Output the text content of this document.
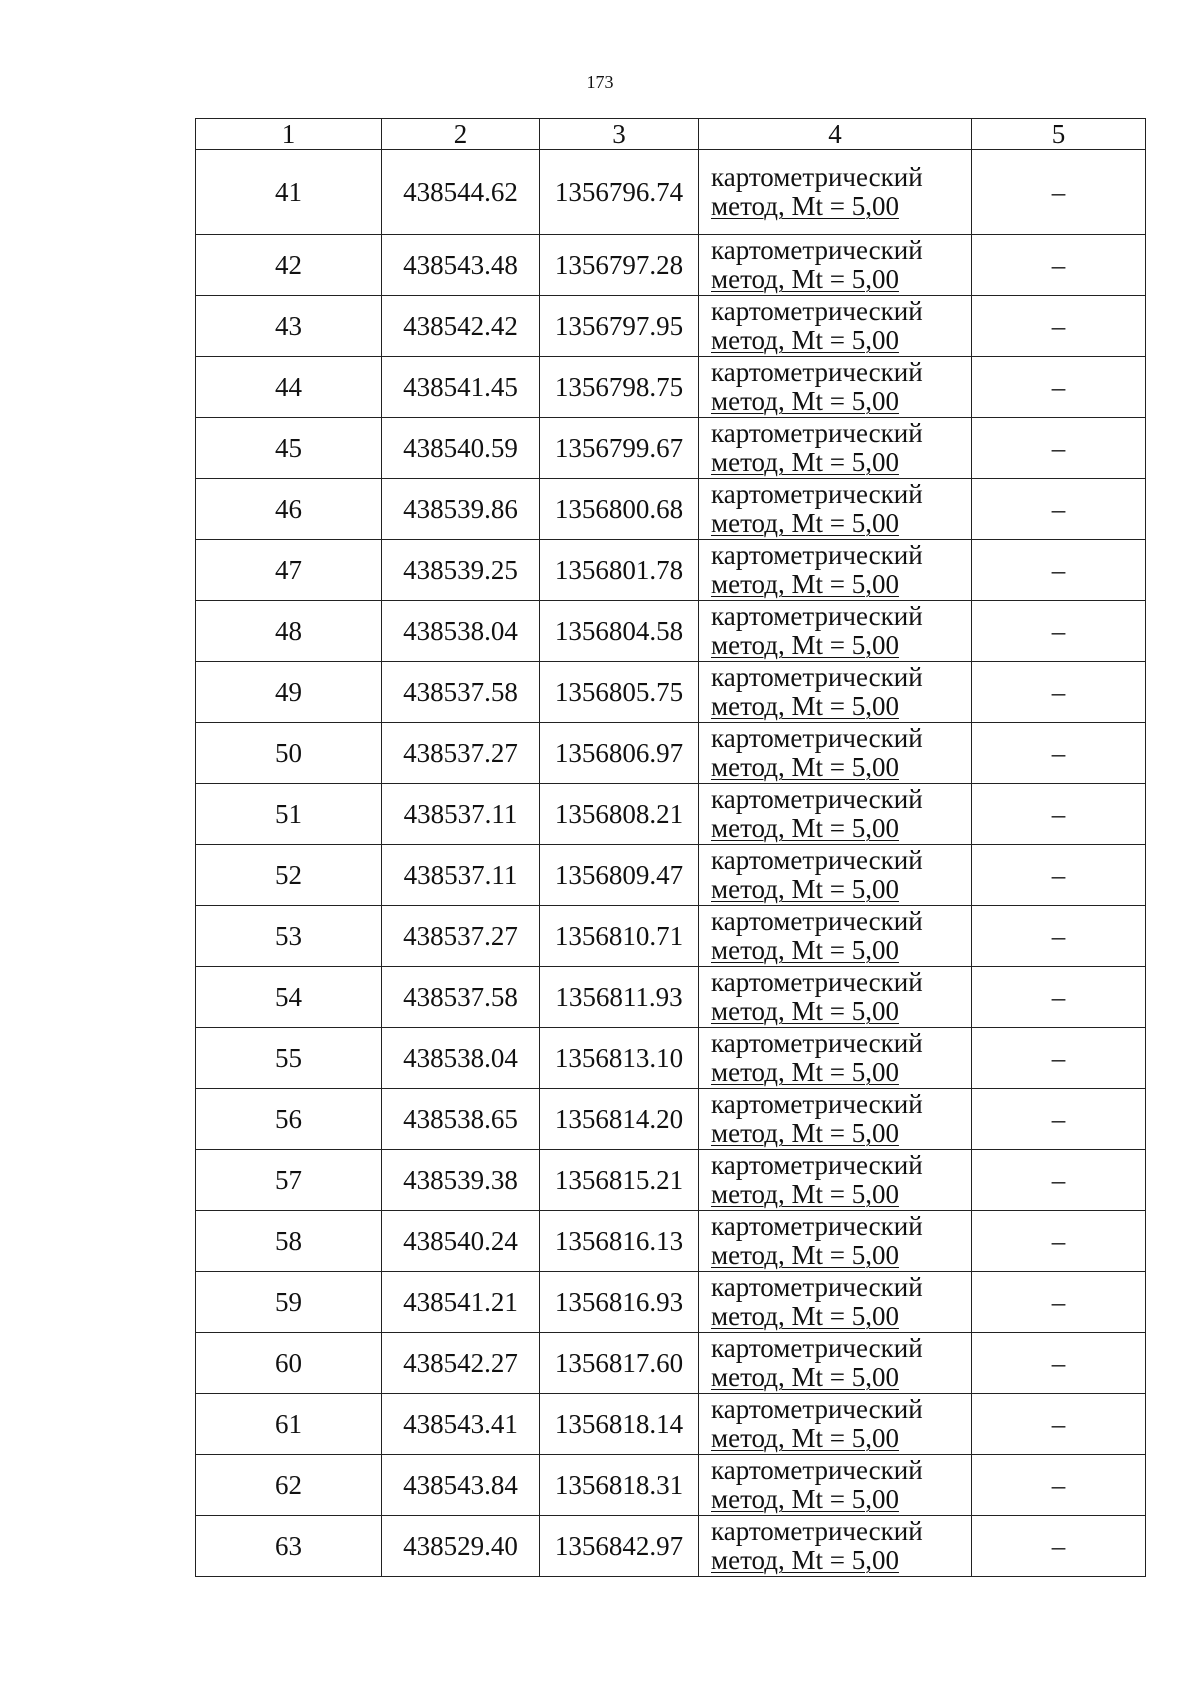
173
1	2	3	4	5
41	438544.62	1356796.74	картометрический
метод, Mt = 5,00	–
42	438543.48	1356797.28	картометрический
метод, Mt = 5,00	–
43	438542.42	1356797.95	картометрический
метод, Mt = 5,00	–
44	438541.45	1356798.75	картометрический
метод, Mt = 5,00	–
45	438540.59	1356799.67	картометрический
метод, Mt = 5,00	–
46	438539.86	1356800.68	картометрический
метод, Mt = 5,00	–
47	438539.25	1356801.78	картометрический
метод, Mt = 5,00	–
48	438538.04	1356804.58	картометрический
метод, Mt = 5,00	–
49	438537.58	1356805.75	картометрический
метод, Mt = 5,00	–
50	438537.27	1356806.97	картометрический
метод, Mt = 5,00	–
51	438537.11	1356808.21	картометрический
метод, Mt = 5,00	–
52	438537.11	1356809.47	картометрический
метод, Mt = 5,00	–
53	438537.27	1356810.71	картометрический
метод, Mt = 5,00	–
54	438537.58	1356811.93	картометрический
метод, Mt = 5,00	–
55	438538.04	1356813.10	картометрический
метод, Mt = 5,00	–
56	438538.65	1356814.20	картометрический
метод, Mt = 5,00	–
57	438539.38	1356815.21	картометрический
метод, Mt = 5,00	–
58	438540.24	1356816.13	картометрический
метод, Mt = 5,00	–
59	438541.21	1356816.93	картометрический
метод, Mt = 5,00	–
60	438542.27	1356817.60	картометрический
метод, Mt = 5,00	–
61	438543.41	1356818.14	картометрический
метод, Mt = 5,00	–
62	438543.84	1356818.31	картометрический
метод, Mt = 5,00	–
63	438529.40	1356842.97	картометрический
метод, Mt = 5,00	–
